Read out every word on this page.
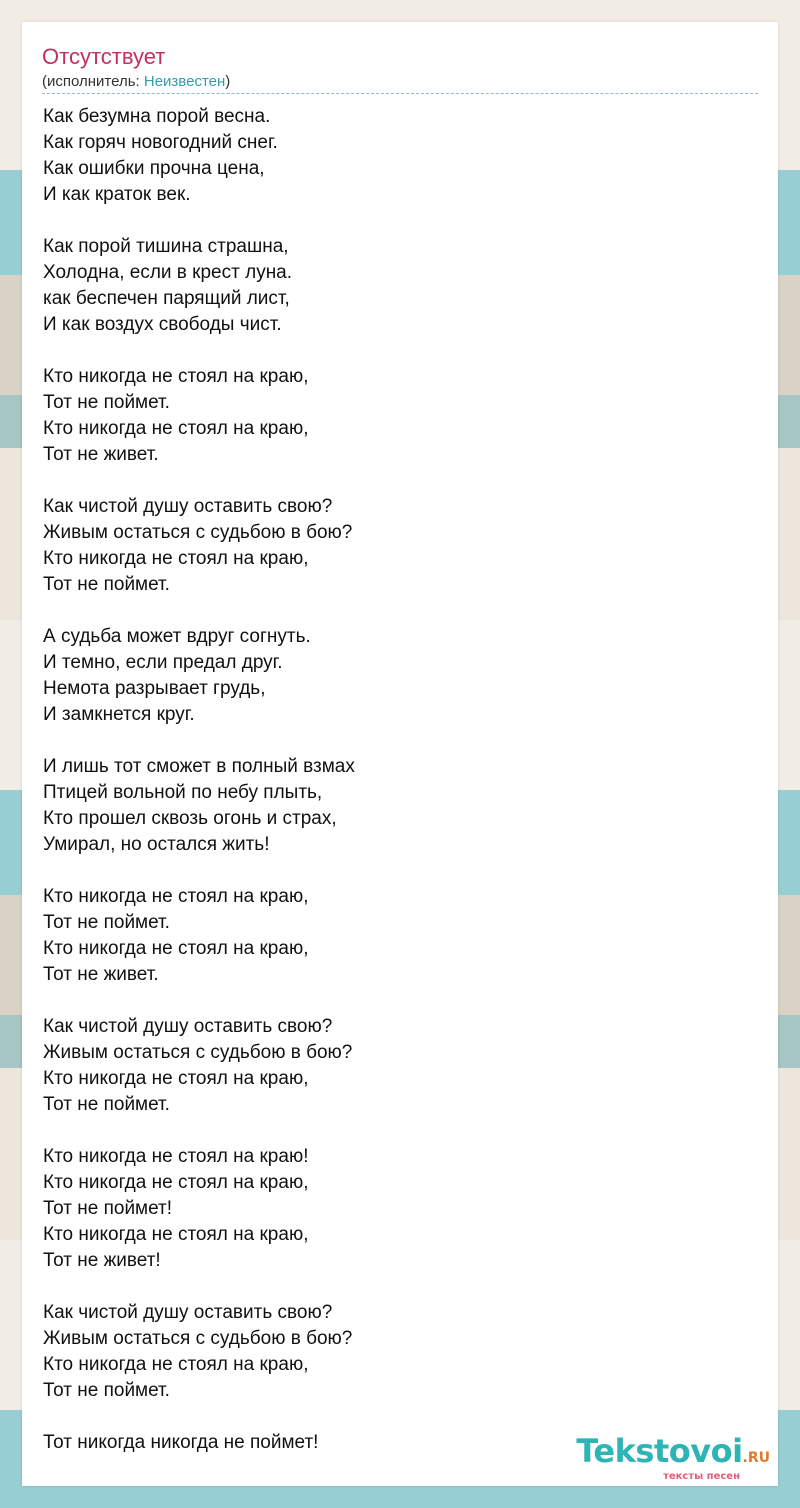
Отсутствует
(исполнитель: Неизвестен)
Как безумна порой весна.
Как горяч новогодний снег.
Как ошибки прочна цена,
И как краток век.
Как порой тишина страшна,
Холодна, если в крест луна.
как беспечен парящий лист,
И как воздух свободы чист.
Кто никогда не стоял на краю,
Тот не поймет.
Кто никогда не стоял на краю,
Тот не живет.
Как чистой душу оставить свою?
Живым остаться с судьбою в бою?
Кто никогда не стоял на краю,
Тот не поймет.
А судьба может вдруг согнуть.
И темно, если предал друг.
Немота разрывает грудь,
И замкнется круг.
И лишь тот сможет в полный взмах
Птицей вольной по небу плыть,
Кто прошел сквозь огонь и страх,
Умирал, но остался жить!
Кто никогда не стоял на краю,
Тот не поймет.
Кто никогда не стоял на краю,
Тот не живет.
Как чистой душу оставить свою?
Живым остаться с судьбою в бою?
Кто никогда не стоял на краю,
Тот не поймет.
Кто никогда не стоял на краю!
Кто никогда не стоял на краю,
Тот не поймет!
Кто никогда не стоял на краю,
Тот не живет!
Как чистой душу оставить свою?
Живым остаться с судьбою в бою?
Кто никогда не стоял на краю,
Тот не поймет.
Тот никогда никогда не поймет!	Tekstovoi.RU
тексты песен
